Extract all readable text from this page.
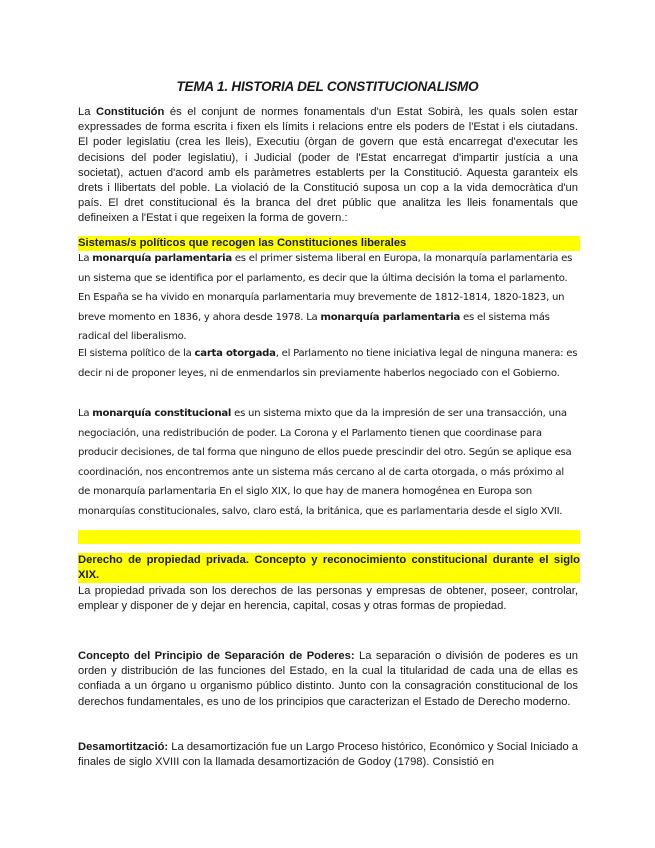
TEMA 1. HISTORIA DEL CONSTITUCIONALISMO

La Constitución és el conjunt de normes fonamentals d'un Estat Sobirà, les quals solen estar expressades de forma escrita i fixen els límits i relacions entre els poders de l'Estat i els ciutadans. El poder legislatiu (crea les lleis), Executiu (òrgan de govern que està encarregat d'executar les decisions del poder legislatiu), i Judicial (poder de l'Estat encarregat d'impartir justícia a una societat), actuen d'acord amb els paràmetres establerts per la Constitució. Aquesta garanteix els drets i llibertats del poble. La violació de la Constitució suposa un cop a la vida democràtica d'un país. El dret constitucional és la branca del dret públic que analitza les lleis fonamentals que defineixen a l'Estat i que regeixen la forma de govern.:

Sistemas/s políticos que recogen las Constituciones liberales

La monarquía parlamentaria es el primer sistema liberal en Europa, la monarquía parlamentaria es un sistema que se identifica por el parlamento, es decir que la última decisión la toma el parlamento. En España se ha vivido en monarquía parlamentaria muy brevemente de 1812-1814, 1820-1823, un breve momento en 1836, y ahora desde 1978. La monarquía parlamentaria es el sistema más radical del liberalismo.

El sistema político de la carta otorgada, el Parlamento no tiene iniciativa legal de ninguna manera: es decir ni de proponer leyes, ni de enmendarlos sin previamente haberlos negociado con el Gobierno.

La monarquía constitucional es un sistema mixto que da la impresión de ser una transacción, una negociación, una redistribución de poder. La Corona y el Parlamento tienen que coordinase para producir decisiones, de tal forma que ninguno de ellos puede prescindir del otro. Según se aplique esa coordinación, nos encontremos ante un sistema más cercano al de carta otorgada, o más próximo al de monarquía parlamentaria En el siglo XIX, lo que hay de manera homogénea en Europa son monarquías constitucionales, salvo, claro está, la británica, que es parlamentaria desde el siglo XVII.

Derecho de propiedad privada. Concepto y reconocimiento constitucional durante el siglo XIX.

La propiedad privada son los derechos de las personas y empresas de obtener, poseer, controlar, emplear y disponer de y dejar en herencia, capital, cosas y otras formas de propiedad.

Concepto del Principio de Separación de Poderes: La separación o división de poderes es un orden y distribución de las funciones del Estado, en la cual la titularidad de cada una de ellas es confiada a un órgano u organismo público distinto. Junto con la consagración constitucional de los derechos fundamentales, es uno de los principios que caracterizan el Estado de Derecho moderno.

Desamortització: La desamortización fue un Largo Proceso histórico, Económico y Social Iniciado a finales de siglo XVIII con la llamada desamortización de Godoy (1798). Consistió en
